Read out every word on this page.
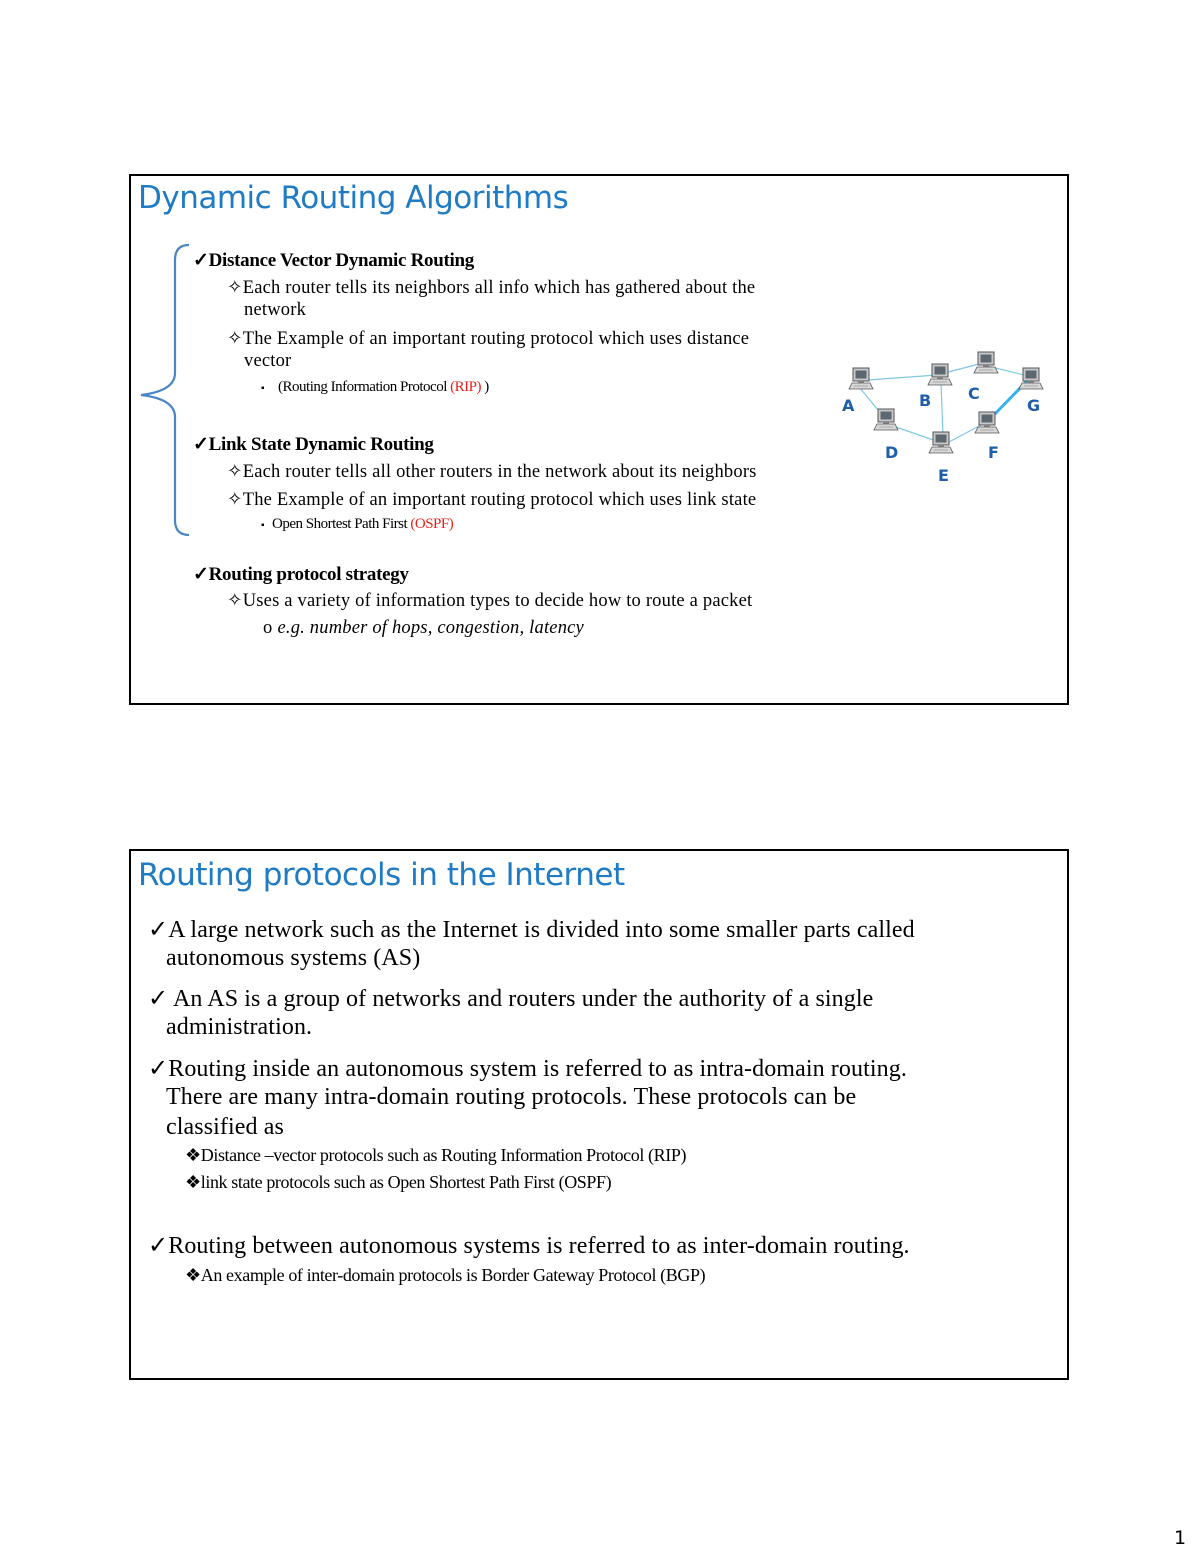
Dynamic Routing Algorithms
✓Distance Vector Dynamic Routing
✧Each router tells its neighbors all info which has gathered about the
network
✧The Example of an important routing protocol which uses distance
vector
▪ (Routing Information Protocol (RIP) )
✓Link State Dynamic Routing
✧Each router tells all other routers in the network about its neighbors
✧The Example of an important routing protocol which uses link state
▪ Open Shortest Path First (OSPF)
✓Routing protocol strategy
✧Uses a variety of information types to decide how to route a packet
o e.g. number of hops, congestion, latency
A	B C
G
D
E
F
Routing protocols in the Internet
✓A large network such as the Internet is divided into some smaller parts called
autonomous systems (AS)
✓ An AS is a group of networks and routers under the authority of a single
administration.
✓Routing inside an autonomous system is referred to as intra-domain routing.
There are many intra-domain routing protocols. These protocols can be
classified as
❖Distance –vector protocols such as Routing Information Protocol (RIP)
❖link state protocols such as Open Shortest Path First (OSPF)
✓Routing between autonomous systems is referred to as inter-domain routing.
❖An example of inter-domain protocols is Border Gateway Protocol (BGP)
1
